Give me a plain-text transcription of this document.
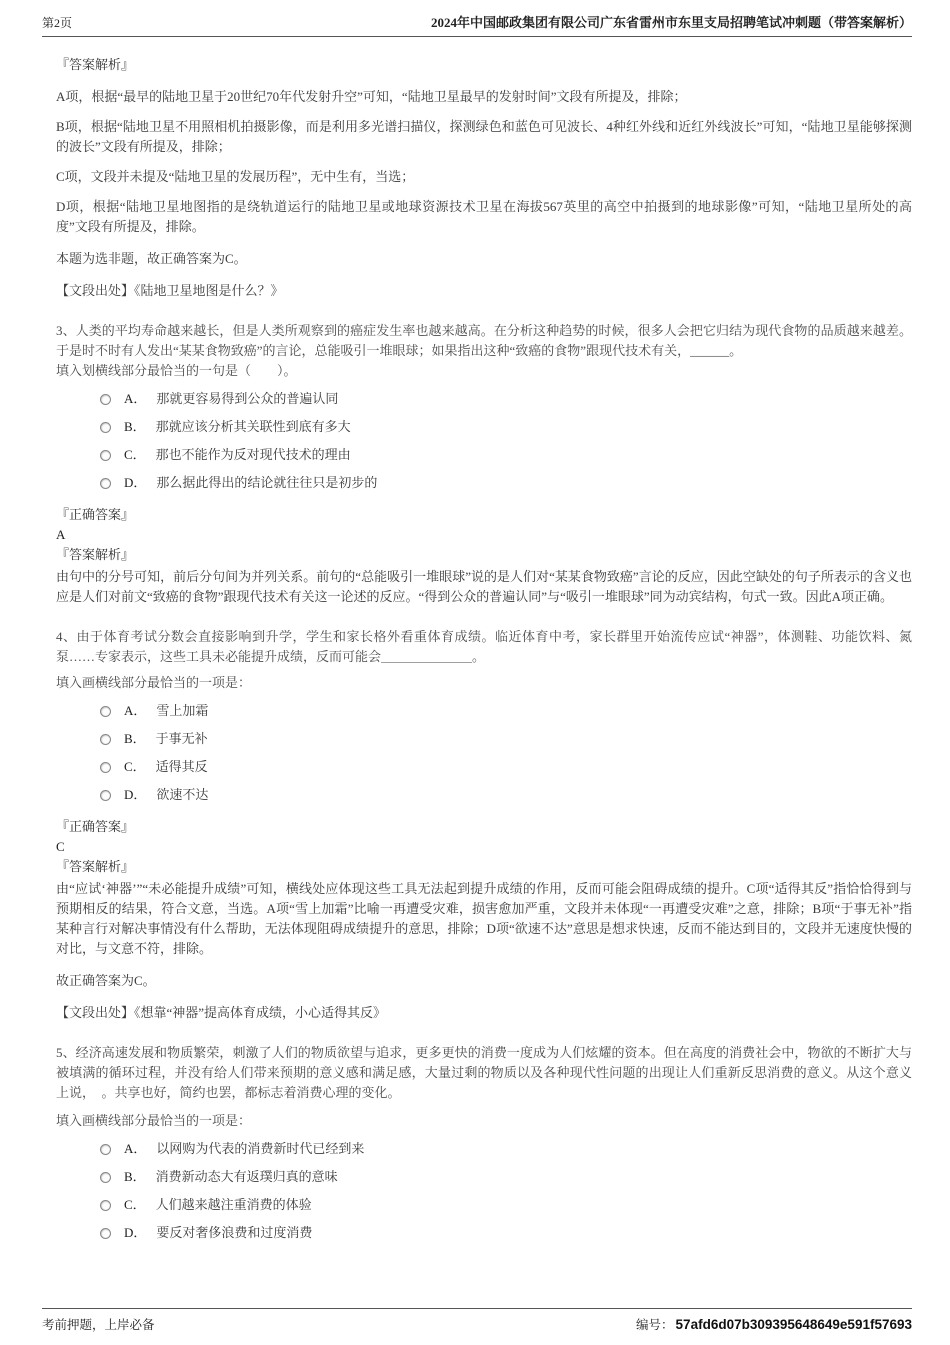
第2页	2024年中国邮政集团有限公司广东省雷州市东里支局招聘笔试冲刺题（带答案解析）
『答案解析』
A项，根据“最早的陆地卫星于20世纪70年代发射升空”可知，“陆地卫星最早的发射时间”文段有所提及，排除；
B项，根据“陆地卫星不用照相机拍摄影像，而是利用多光谱扫描仪，探测绿色和蓝色可见波长、4种红外线和近红外线波长”可知，“陆地卫星能够探测的波长”文段有所提及，排除；
C项，文段并未提及“陆地卫星的发展历程”，无中生有，当选；
D项，根据“陆地卫星地图指的是绕轨道运行的陆地卫星或地球资源技术卫星在海拔567英里的高空中拍摄到的地球影像”可知，“陆地卫星所处的高度”文段有所提及，排除。
本题为选非题，故正确答案为C。
【文段出处】《陆地卫星地图是什么？》
3、人类的平均寿命越来越长，但是人类所观察到的癌症发生率也越来越高。在分析这种趋势的时候，很多人会把它归结为现代食物的品质越来越差。于是时不时有人发出“某某食物致癌”的言论，总能吸引一堆眼球；如果指出这种“致癌的食物”跟现代技术有关，______。
填入划横线部分最恰当的一句是（　　）。
A． 那就更容易得到公众的普遍认同
B． 那就应该分析其关联性到底有多大
C． 那也不能作为反对现代技术的理由
D． 那么据此得出的结论就往往只是初步的
『正确答案』
A
『答案解析』
由句中的分号可知，前后分句间为并列关系。前句的“总能吸引一堆眼球”说的是人们对“某某食物致癌”言论的反应，因此空缺处的句子所表示的含义也应是人们对前文“致癌的食物”跟现代技术有关这一论述的反应。“得到公众的普遍认同”与“吸引一堆眼球”同为动宾结构，句式一致。因此A项正确。
4、由于体育考试分数会直接影响到升学，学生和家长格外看重体育成绩。临近体育中考，家长群里开始流传应试“神器”，体测鞋、功能饮料、氮泵……专家表示，这些工具未必能提升成绩，反而可能会＿＿＿＿＿＿＿。
填入画横线部分最恰当的一项是：
A． 雪上加霜
B． 于事无补
C． 适得其反
D． 欲速不达
『正确答案』
C
『答案解析』
由“应试‘神器’”“未必能提升成绩”可知，横线处应体现这些工具无法起到提升成绩的作用，反而可能会阻碍成绩的提升。C项“适得其反”指恰恰得到与预期相反的结果，符合文意，当选。A项“雪上加霜”比喻一再遭受灾难，损害愈加严重，文段并未体现“一再遭受灾难”之意，排除；B项“于事无补”指某种言行对解决事情没有什么帮助，无法体现阻碍成绩提升的意思，排除；D项“欲速不达”意思是想求快速，反而不能达到目的，文段并无速度快慢的对比，与文意不符，排除。
故正确答案为C。
【文段出处】《想靠“神器”提高体育成绩，小心适得其反》
5、经济高速发展和物质繁荣，刺激了人们的物质欲望与追求，更多更快的消费一度成为人们炫耀的资本。但在高度的消费社会中，物欲的不断扩大与被填满的循环过程，并没有给人们带来预期的意义感和满足感，大量过剩的物质以及各种现代性问题的出现让人们重新反思消费的意义。从这个意义上说，　。共享也好，简约也罢，都标志着消费心理的变化。
填入画横线部分最恰当的一项是：
A． 以网购为代表的消费新时代已经到来
B． 消费新动态大有返璞归真的意味
C． 人们越来越注重消费的体验
D． 要反对奢侈浪费和过度消费
考前押题，上岸必备	编号： 57afd6d07b309395648649e591f57693
